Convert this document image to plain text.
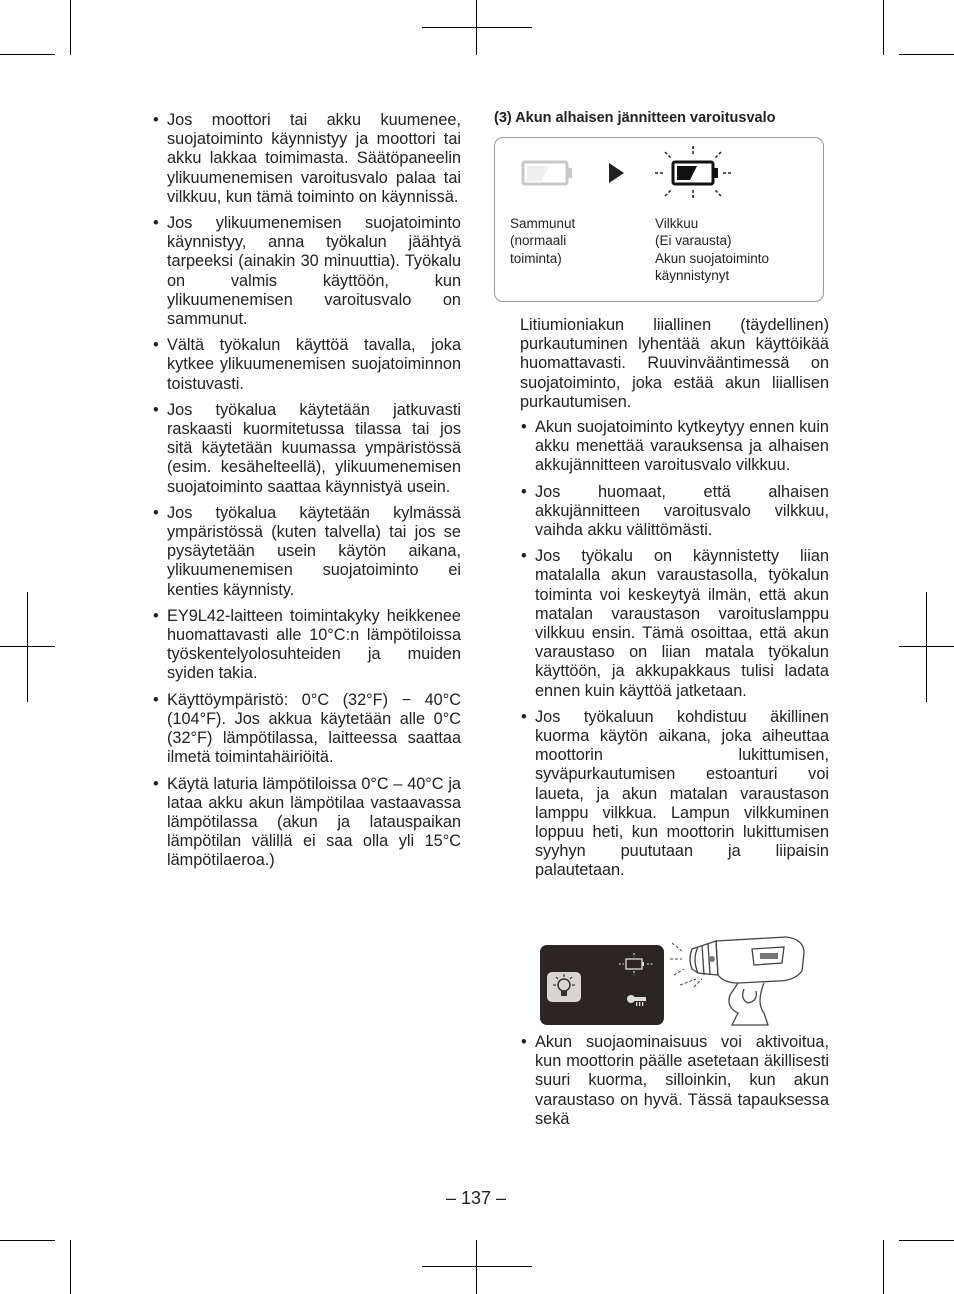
• Jos moottori tai akku kuumenee, suojatoiminto käynnistyy ja moottori tai akku lakkaa toimimasta. Säätöpaneelin ylikuumenemisen varoitusvalo palaa tai vilkkuu, kun tämä toiminto on käynnissä.
• Jos ylikuumenemisen suojatoiminto käynnistyy, anna työkalun jäähtyä tarpeeksi (ainakin 30 minuuttia). Työkalu on valmis käyttöön, kun ylikuumenemisen varoitusvalo on sammunut.
• Vältä työkalun käyttöä tavalla, joka kytkee ylikuumenemisen suojatoiminnon toistuvasti.
• Jos työkalua käytetään jatkuvasti raskaasti kuormitetussa tilassa tai jos sitä käytetään kuumassa ympäristössä (esim. kesähelteellä), ylikuumenemisen suojatoiminto saattaa käynnistyä usein.
• Jos työkalua käytetään kylmässä ympäristössä (kuten talvella) tai jos se pysäytetään usein käytön aikana, ylikuumenemisen suojatoiminto ei kenties käynnisty.
• EY9L42-laitteen toimintakyky heikkenee huomattavasti alle 10°C:n lämpötiloissa työskentelyolosuhteiden ja muiden syiden takia.
• Käyttöympäristö: 0°C (32°F) − 40°C (104°F). Jos akkua käytetään alle 0°C (32°F) lämpötilassa, laitteessa saattaa ilmetä toimintahäiriöitä.
• Käytä laturia lämpötiloissa 0°C – 40°C ja lataa akku akun lämpötilaa vastaavassa lämpötilassa (akun ja latauspaikan lämpötilan välillä ei saa olla yli 15°C lämpötilaeroa.)
(3) Akun alhaisen jännitteen varoitusvalo
Sammunut
(normaali
toiminta)
Vilkkuu
(Ei varausta)
Akun suojatoiminto
käynnistynyt
Litiumioniakun liiallinen (täydellinen) purkautuminen lyhentää akun käyttöikää huomattavasti. Ruuvinvääntimessä on suojatoiminto, joka estää akun liiallisen purkautumisen.
• Akun suojatoiminto kytkeytyy ennen kuin akku menettää varauksensa ja alhaisen akkujännitteen varoitusvalo vilkkuu.
• Jos huomaat, että alhaisen akkujännitteen varoitusvalo vilkkuu, vaihda akku välittömästi.
• Jos työkalu on käynnistetty liian matalalla akun varaustasolla, työkalun toiminta voi keskeytyä ilmän, että akun matalan varaustason varoituslamppu vilkkuu ensin. Tämä osoittaa, että akun varaustaso on liian matala työkalun käyttöön, ja akkupakkaus tulisi ladata ennen kuin käyttöä jatketaan.
• Jos työkaluun kohdistuu äkillinen kuorma käytön aikana, joka aiheuttaa moottorin lukittumisen, syväpurkautumisen estoanturi voi laueta, ja akun matalan varaustason lamppu vilkkua. Lampun vilkkuminen loppuu heti, kun moottorin lukittumisen syyhyn puututaan ja liipaisin palautetaan.
• Akun suojaominaisuus voi aktivoitua, kun moottorin päälle asetetaan äkillisesti suuri kuorma, silloinkin, kun akun varaustaso on hyvä. Tässä tapauksessa sekä
– 137 –
